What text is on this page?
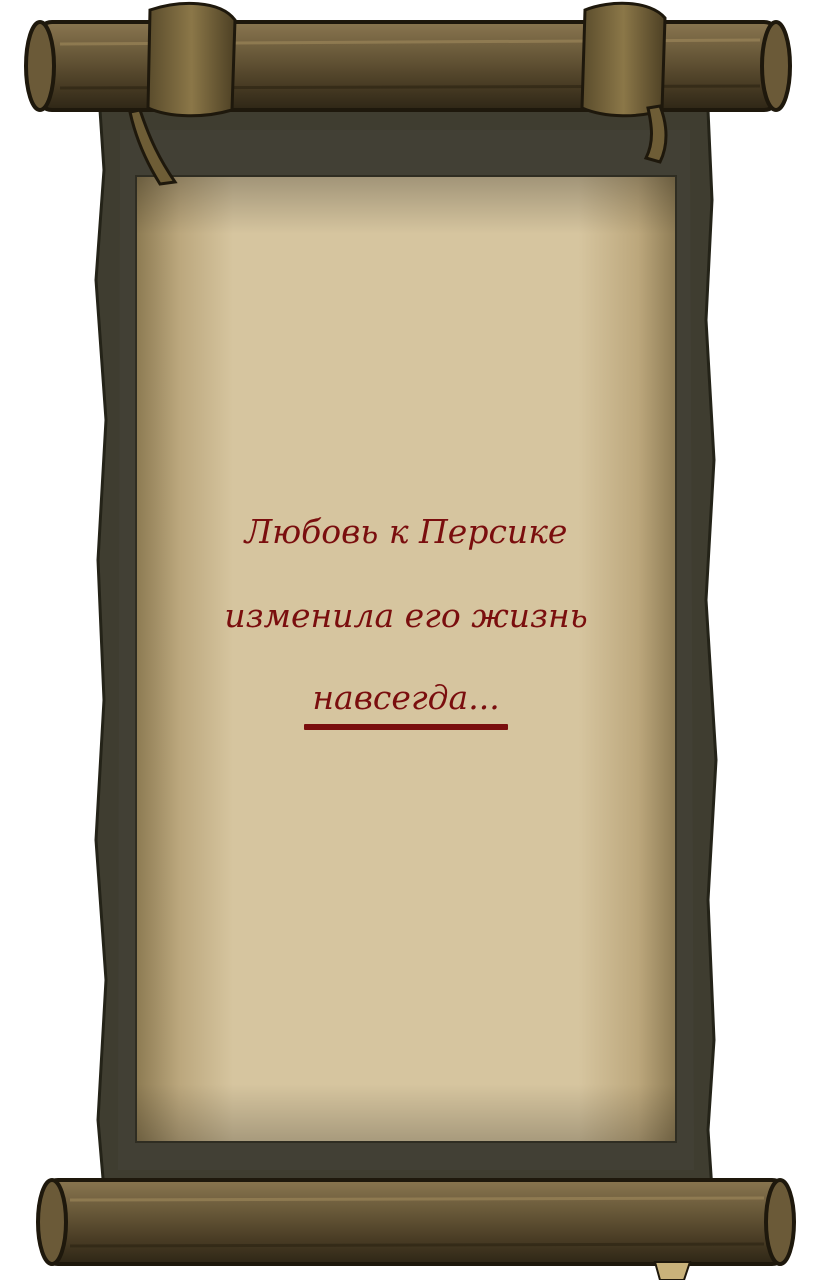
Любовь к Персике
изменила его жизнь
навсегда...
